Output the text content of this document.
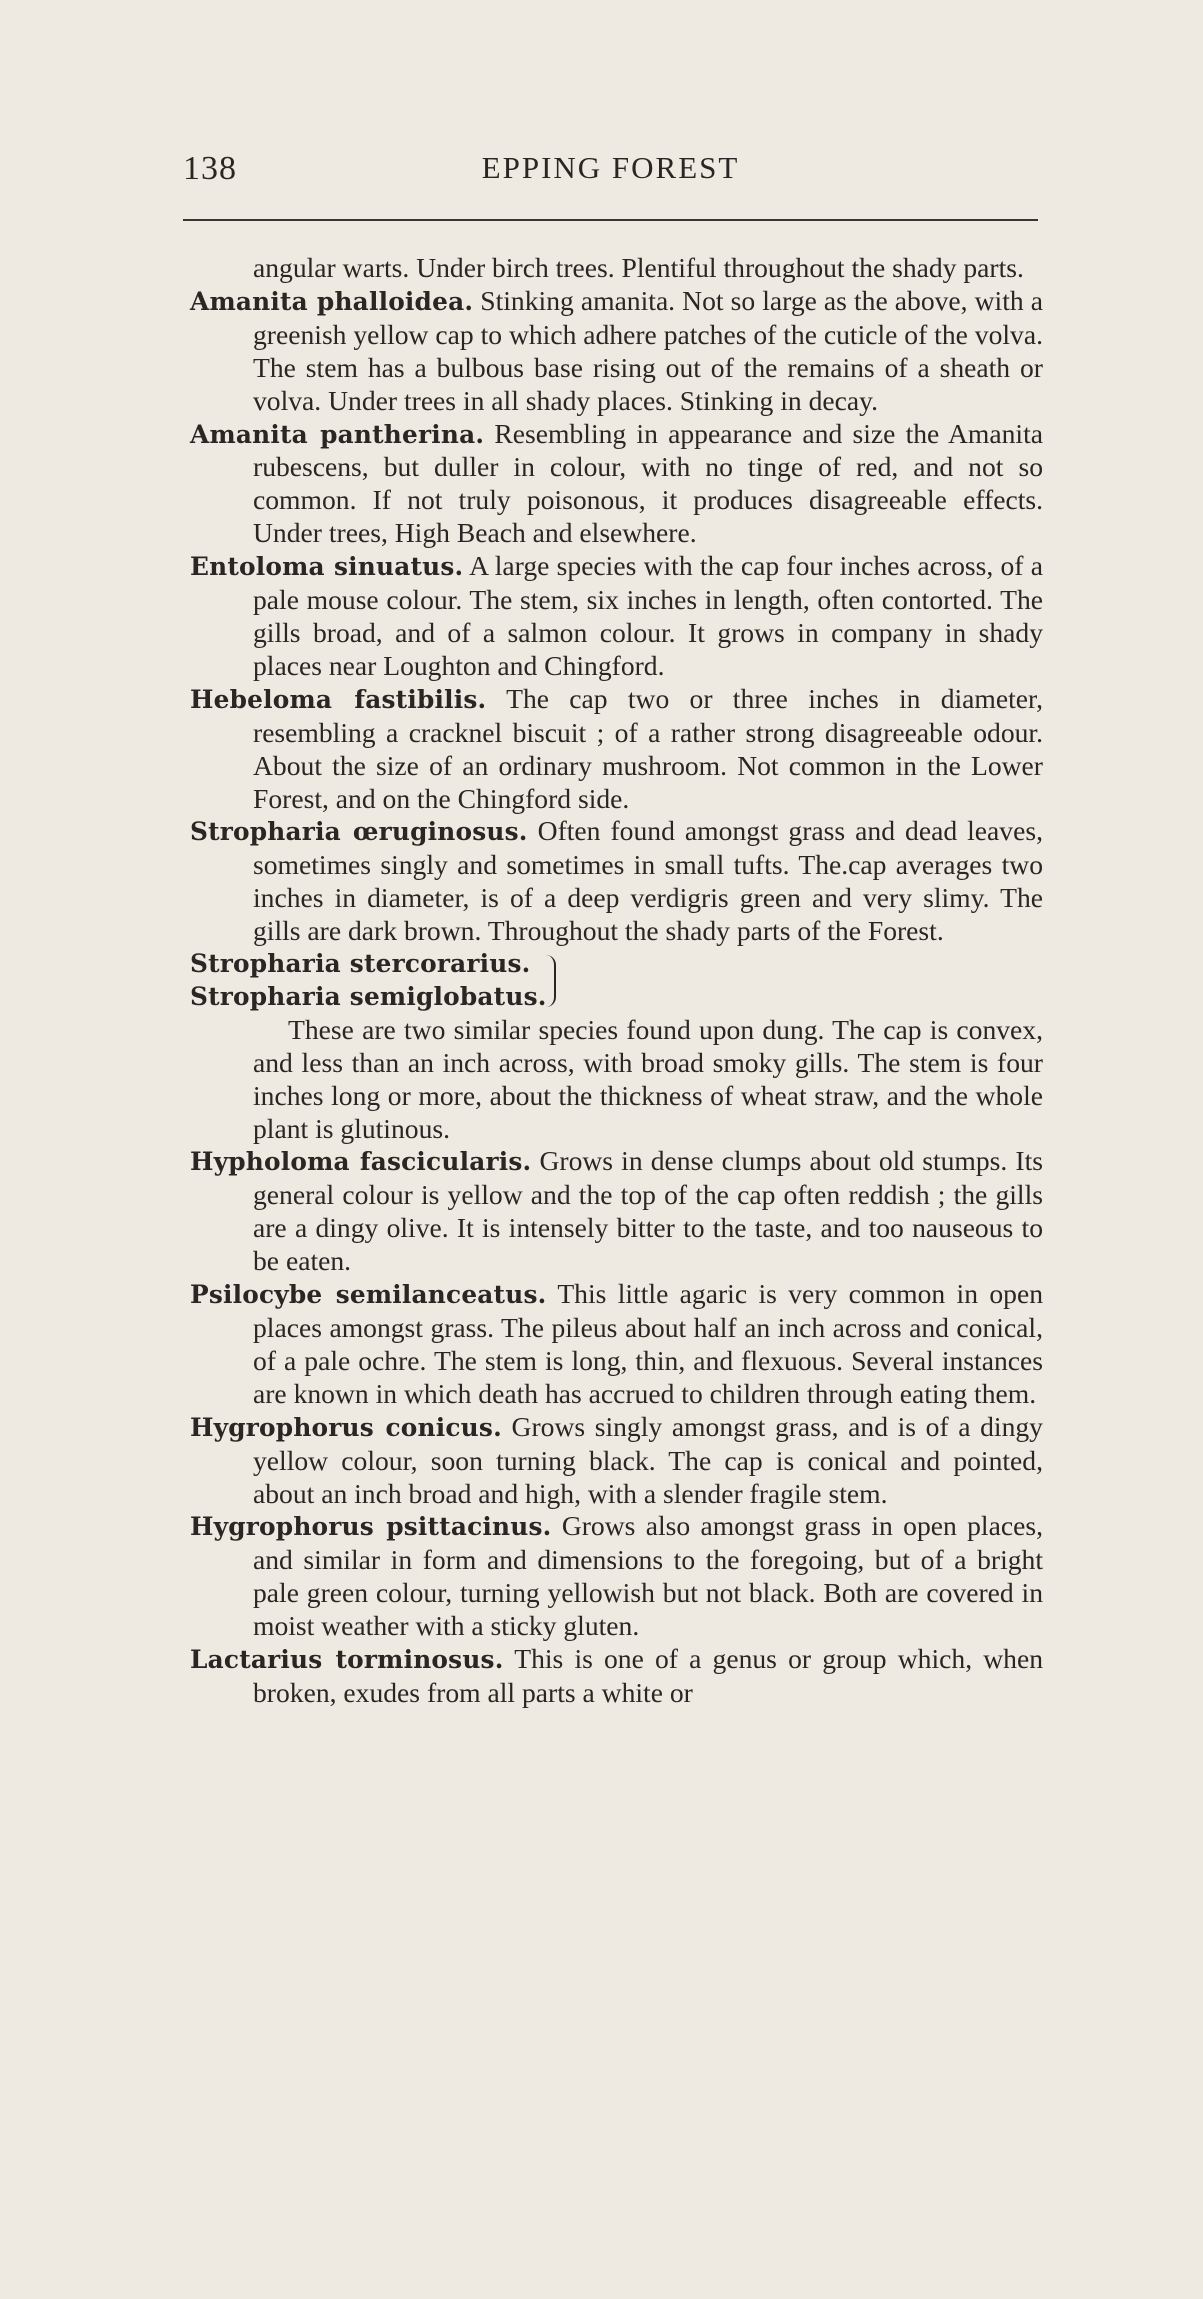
138	EPPING FOREST

angular warts. Under birch trees. Plentiful throughout the shady parts.

Amanita phalloidea. Stinking amanita. Not so large as the above, with a greenish yellow cap to which adhere patches of the cuticle of the volva. The stem has a bulbous base rising out of the remains of a sheath or volva. Under trees in all shady places. Stinking in decay.

Amanita pantherina. Resembling in appearance and size the Amanita rubescens, but duller in colour, with no tinge of red, and not so common. If not truly poisonous, it produces disagreeable effects. Under trees, High Beach and elsewhere.

Entoloma sinuatus. A large species with the cap four inches across, of a pale mouse colour. The stem, six inches in length, often contorted. The gills broad, and of a salmon colour. It grows in company in shady places near Loughton and Chingford.

Hebeloma fastibilis. The cap two or three inches in diameter, resembling a cracknel biscuit ; of a rather strong disagreeable odour. About the size of an ordinary mushroom. Not common in the Lower Forest, and on the Chingford side.

Stropharia œruginosus. Often found amongst grass and dead leaves, sometimes singly and sometimes in small tufts. The.cap averages two inches in diameter, is of a deep verdigris green and very slimy. The gills are dark brown. Throughout the shady parts of the Forest.

Stropharia stercorarius.
Stropharia semiglobatus.

These are two similar species found upon dung. The cap is convex, and less than an inch across, with broad smoky gills. The stem is four inches long or more, about the thickness of wheat straw, and the whole plant is glutinous.

Hypholoma fascicularis. Grows in dense clumps about old stumps. Its general colour is yellow and the top of the cap often reddish ; the gills are a dingy olive. It is intensely bitter to the taste, and too nauseous to be eaten.

Psilocybe semilanceatus. This little agaric is very common in open places amongst grass. The pileus about half an inch across and conical, of a pale ochre. The stem is long, thin, and flexuous. Several instances are known in which death has accrued to children through eating them.

Hygrophorus conicus. Grows singly amongst grass, and is of a dingy yellow colour, soon turning black. The cap is conical and pointed, about an inch broad and high, with a slender fragile stem.

Hygrophorus psittacinus. Grows also amongst grass in open places, and similar in form and dimensions to the foregoing, but of a bright pale green colour, turning yellowish but not black. Both are covered in moist weather with a sticky gluten.

Lactarius torminosus. This is one of a genus or group which, when broken, exudes from all parts a white or
